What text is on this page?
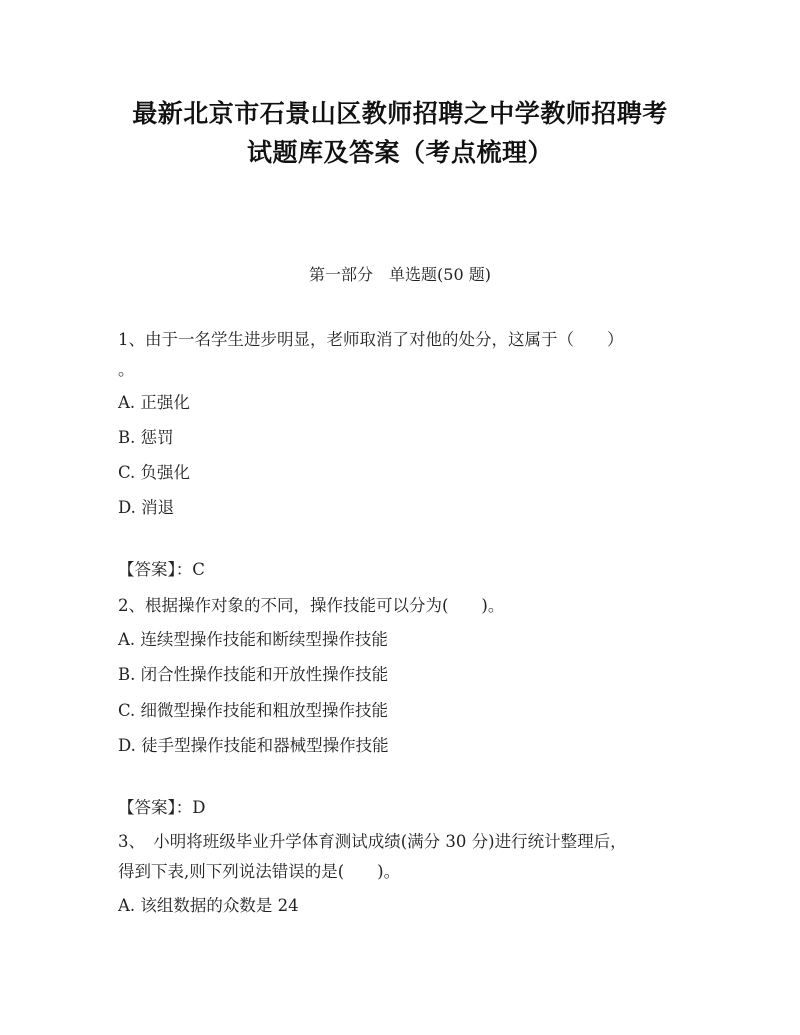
最新北京市石景山区教师招聘之中学教师招聘考
试题库及答案（考点梳理）
第一部分　单选题(50 题)
1、由于一名学生进步明显，老师取消了对他的处分，这属于（　　）
。
A. 正强化
B. 惩罚
C. 负强化
D. 消退
【答案】：C
2、根据操作对象的不同，操作技能可以分为(　　)。
A. 连续型操作技能和断续型操作技能
B. 闭合性操作技能和开放性操作技能
C. 细微型操作技能和粗放型操作技能
D. 徒手型操作技能和器械型操作技能
【答案】：D
3、　小明将班级毕业升学体育测试成绩(满分 30 分)进行统计整理后，
得到下表,则下列说法错误的是(　　)。
A. 该组数据的众数是 24
